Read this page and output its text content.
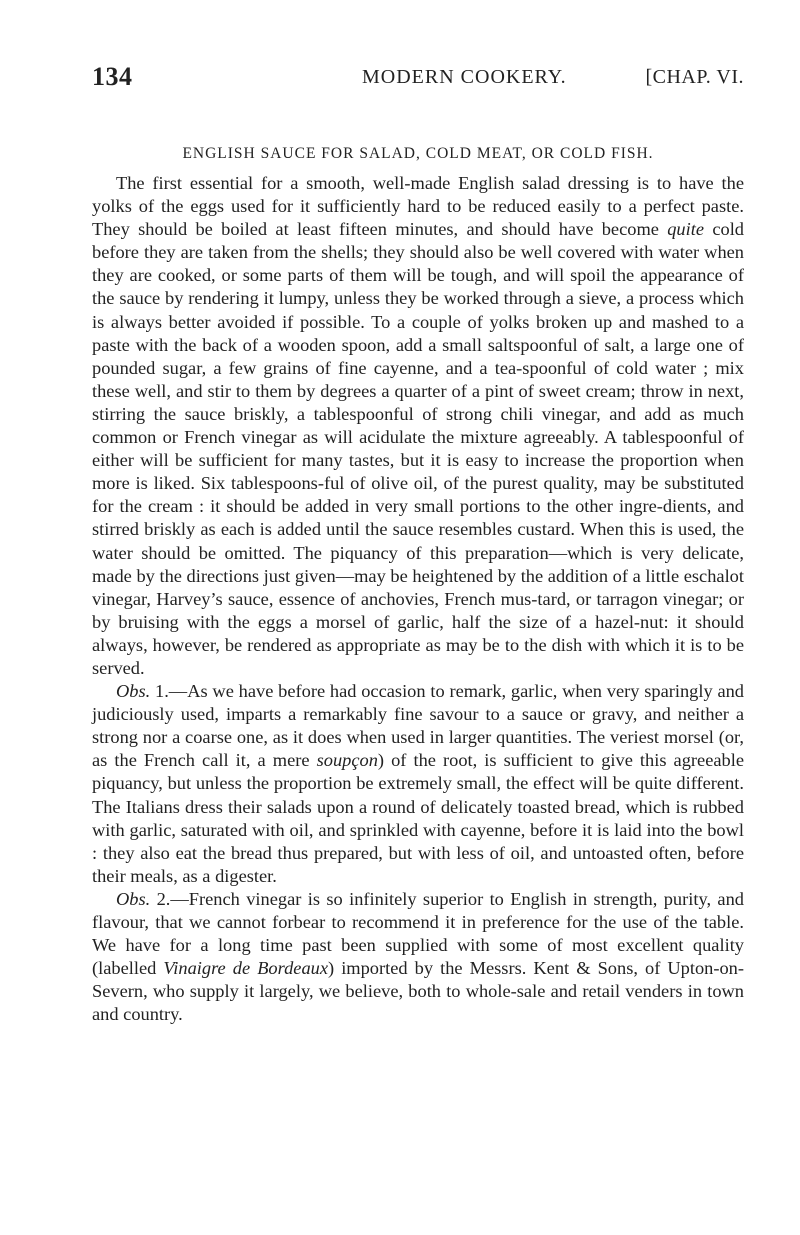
134	MODERN COOKERY.	[CHAP. VI.
ENGLISH SAUCE FOR SALAD, COLD MEAT, OR COLD FISH.

The first essential for a smooth, well-made English salad dressing is to have the yolks of the eggs used for it sufficiently hard to be reduced easily to a perfect paste. They should be boiled at least fifteen minutes, and should have become quite cold before they are taken from the shells; they should also be well covered with water when they are cooked, or some parts of them will be tough, and will spoil the appearance of the sauce by rendering it lumpy, unless they be worked through a sieve, a process which is always better avoided if possible. To a couple of yolks broken up and mashed to a paste with the back of a wooden spoon, add a small saltspoonful of salt, a large one of pounded sugar, a few grains of fine cayenne, and a tea-spoonful of cold water ; mix these well, and stir to them by degrees a quarter of a pint of sweet cream; throw in next, stirring the sauce briskly, a tablespoonful of strong chili vinegar, and add as much common or French vinegar as will acidulate the mixture agreeably. A tablespoonful of either will be sufficient for many tastes, but it is easy to increase the proportion when more is liked. Six tablespoons-ful of olive oil, of the purest quality, may be substituted for the cream : it should be added in very small portions to the other ingre-dients, and stirred briskly as each is added until the sauce resembles custard. When this is used, the water should be omitted. The piquancy of this preparation—which is very delicate, made by the directions just given—may be heightened by the addition of a little eschalot vinegar, Harvey’s sauce, essence of anchovies, French mus-tard, or tarragon vinegar; or by bruising with the eggs a morsel of garlic, half the size of a hazel-nut: it should always, however, be rendered as appropriate as may be to the dish with which it is to be served.

Obs. 1.—As we have before had occasion to remark, garlic, when very sparingly and judiciously used, imparts a remarkably fine savour to a sauce or gravy, and neither a strong nor a coarse one, as it does when used in larger quantities. The veriest morsel (or, as the French call it, a mere soupçon) of the root, is sufficient to give this agreeable piquancy, but unless the proportion be extremely small, the effect will be quite different. The Italians dress their salads upon a round of delicately toasted bread, which is rubbed with garlic, saturated with oil, and sprinkled with cayenne, before it is laid into the bowl : they also eat the bread thus prepared, but with less of oil, and untoasted often, before their meals, as a digester.

Obs. 2.—French vinegar is so infinitely superior to English in strength, purity, and flavour, that we cannot forbear to recommend it in preference for the use of the table. We have for a long time past been supplied with some of most excellent quality (labelled Vinaigre de Bordeaux) imported by the Messrs. Kent & Sons, of Upton-on-Severn, who supply it largely, we believe, both to whole-sale and retail venders in town and country.
